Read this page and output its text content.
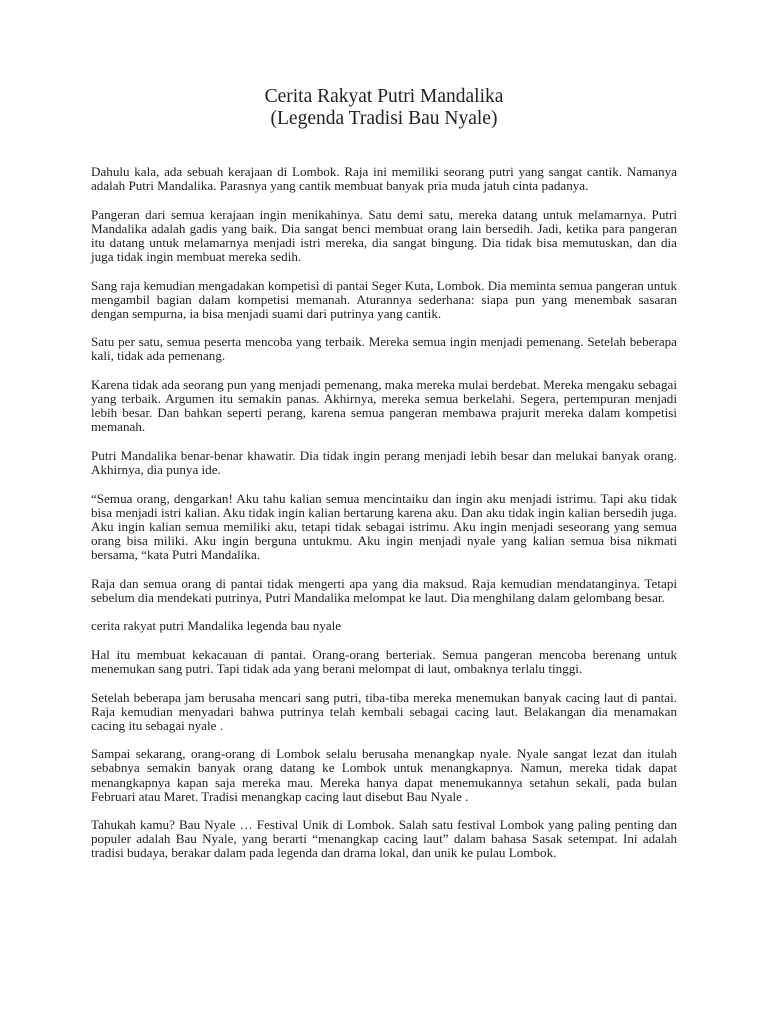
Cerita Rakyat Putri Mandalika
(Legenda Tradisi Bau Nyale)

Dahulu kala, ada sebuah kerajaan di Lombok. Raja ini memiliki seorang putri yang sangat cantik. Namanya adalah Putri Mandalika. Parasnya yang cantik membuat banyak pria muda jatuh cinta padanya.

Pangeran dari semua kerajaan ingin menikahinya. Satu demi satu, mereka datang untuk melamarnya. Putri Mandalika adalah gadis yang baik. Dia sangat benci membuat orang lain bersedih. Jadi, ketika para pangeran itu datang untuk melamarnya menjadi istri mereka, dia sangat bingung. Dia tidak bisa memutuskan, dan dia juga tidak ingin membuat mereka sedih.

Sang raja kemudian mengadakan kompetisi di pantai Seger Kuta, Lombok. Dia meminta semua pangeran untuk mengambil bagian dalam kompetisi memanah. Aturannya sederhana: siapa pun yang menembak sasaran dengan sempurna, ia bisa menjadi suami dari putrinya yang cantik.

Satu per satu, semua peserta mencoba yang terbaik. Mereka semua ingin menjadi pemenang. Setelah beberapa kali, tidak ada pemenang.

Karena tidak ada seorang pun yang menjadi pemenang, maka mereka mulai berdebat. Mereka mengaku sebagai yang terbaik. Argumen itu semakin panas. Akhirnya, mereka semua berkelahi. Segera, pertempuran menjadi lebih besar. Dan bahkan seperti perang, karena semua pangeran membawa prajurit mereka dalam kompetisi memanah.

Putri Mandalika benar-benar khawatir. Dia tidak ingin perang menjadi lebih besar dan melukai banyak orang. Akhirnya, dia punya ide.

“Semua orang, dengarkan! Aku tahu kalian semua mencintaiku dan ingin aku menjadi istrimu. Tapi aku tidak bisa menjadi istri kalian. Aku tidak ingin kalian bertarung karena aku. Dan aku tidak ingin kalian bersedih juga. Aku ingin kalian semua memiliki aku, tetapi tidak sebagai istrimu. Aku ingin menjadi seseorang yang semua orang bisa miliki. Aku ingin berguna untukmu. Aku ingin menjadi nyale yang kalian semua bisa nikmati bersama, “kata Putri Mandalika.

Raja dan semua orang di pantai tidak mengerti apa yang dia maksud. Raja kemudian mendatanginya. Tetapi sebelum dia mendekati putrinya, Putri Mandalika melompat ke laut. Dia menghilang dalam gelombang besar.

cerita rakyat putri Mandalika legenda bau nyale

Hal itu membuat kekacauan di pantai. Orang-orang berteriak. Semua pangeran mencoba berenang untuk menemukan sang putri. Tapi tidak ada yang berani melompat di laut, ombaknya terlalu tinggi.

Setelah beberapa jam berusaha mencari sang putri, tiba-tiba mereka menemukan banyak cacing laut di pantai. Raja kemudian menyadari bahwa putrinya telah kembali sebagai cacing laut. Belakangan dia menamakan cacing itu sebagai nyale .

Sampai sekarang, orang-orang di Lombok selalu berusaha menangkap nyale. Nyale sangat lezat dan itulah sebabnya semakin banyak orang datang ke Lombok untuk menangkapnya. Namun, mereka tidak dapat menangkapnya kapan saja mereka mau. Mereka hanya dapat menemukannya setahun sekali, pada bulan Februari atau Maret. Tradisi menangkap cacing laut disebut Bau Nyale .

Tahukah kamu? Bau Nyale … Festival Unik di Lombok. Salah satu festival Lombok yang paling penting dan populer adalah Bau Nyale, yang berarti “menangkap cacing laut” dalam bahasa Sasak setempat. Ini adalah tradisi budaya, berakar dalam pada legenda dan drama lokal, dan unik ke pulau Lombok.
